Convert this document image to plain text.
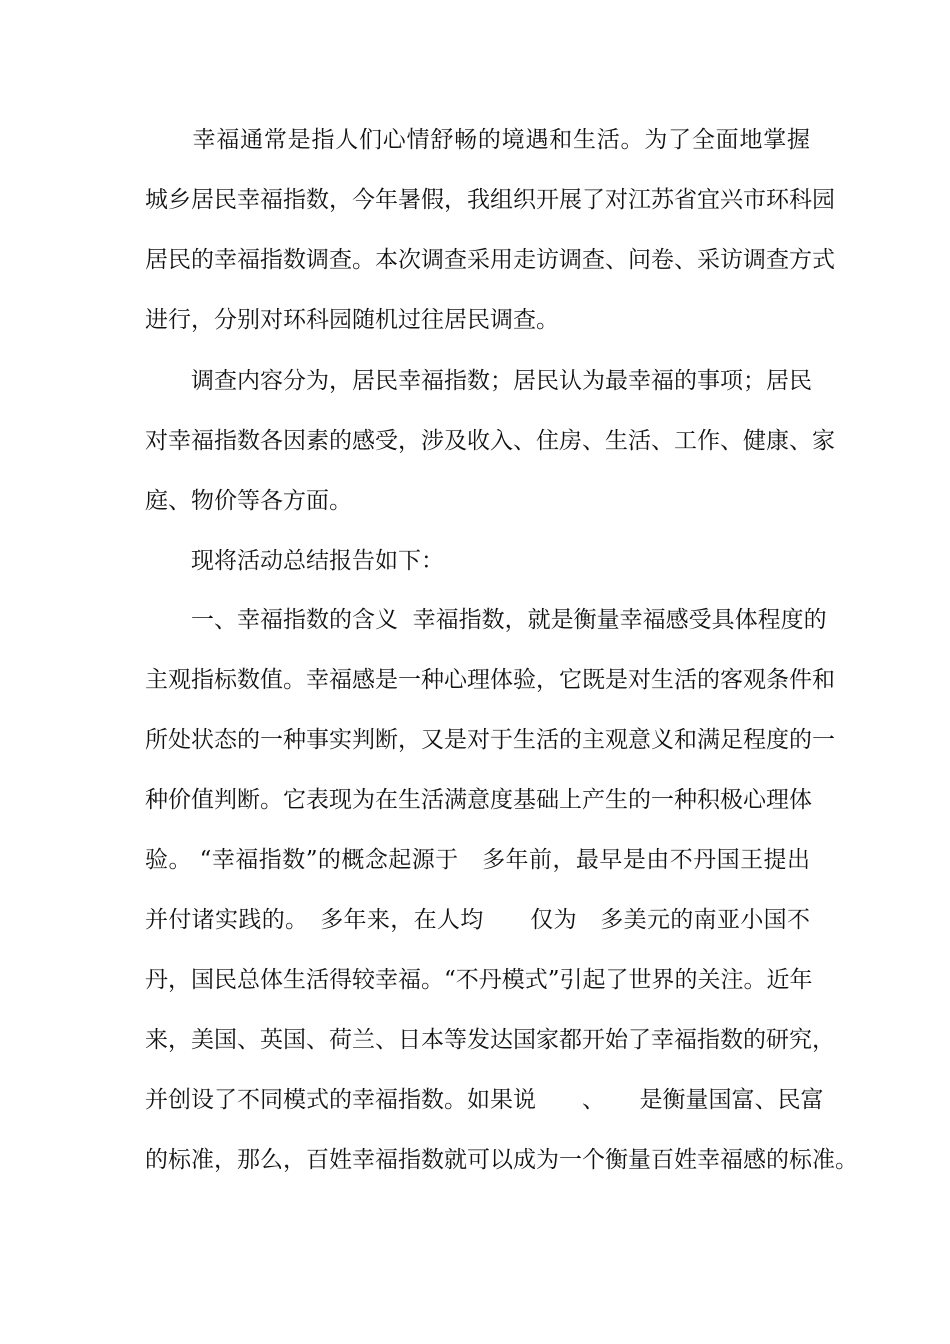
　　幸福通常是指人们心情舒畅的境遇和生活。为了全面地掌握
城乡居民幸福指数，今年暑假，我组织开展了对江苏省宜兴市环科园
居民的幸福指数调查。本次调查采用走访调查、问卷、采访调查方式
进行，分别对环科园随机过往居民调查。
　　调查内容分为，居民幸福指数；居民认为最幸福的事项；居民
对幸福指数各因素的感受，涉及收入、住房、生活、工作、健康、家
庭、物价等各方面。
　　现将活动总结报告如下：
　　一、幸福指数的含义  幸福指数，就是衡量幸福感受具体程度的
主观指标数值。幸福感是一种心理体验，它既是对生活的客观条件和
所处状态的一种事实判断，又是对于生活的主观意义和满足程度的一
种价值判断。它表现为在生活满意度基础上产生的一种积极心理体
验。 “幸福指数”的概念起源于　多年前，最早是由不丹国王提出
并付诸实践的。　多年来，在人均　　仅为　多美元的南亚小国不
丹，国民总体生活得较幸福。“不丹模式”引起了世界的关注。近年
来，美国、英国、荷兰、日本等发达国家都开始了幸福指数的研究，
并创设了不同模式的幸福指数。如果说　　、　　是衡量国富、民富
的标准，那么，百姓幸福指数就可以成为一个衡量百姓幸福感的标准。
